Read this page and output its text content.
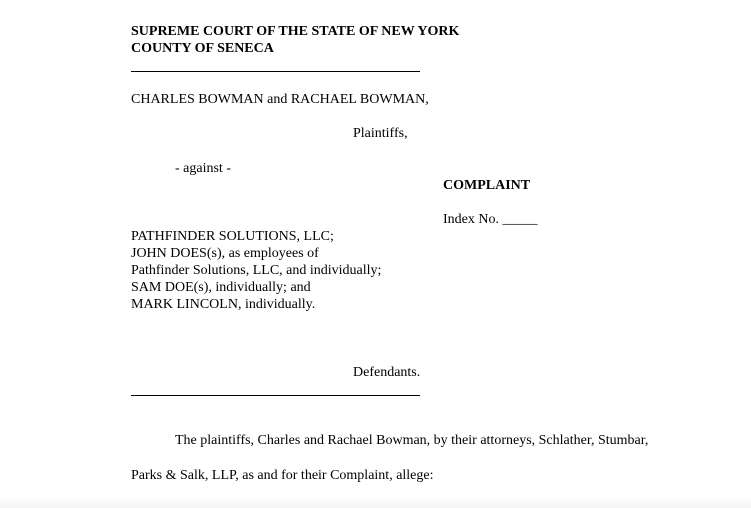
SUPREME COURT OF THE STATE OF NEW YORK
COUNTY OF SENECA
CHARLES BOWMAN and RACHAEL BOWMAN,
Plaintiffs,
- against -
COMPLAINT
Index No. _____
PATHFINDER SOLUTIONS, LLC;
JOHN DOES(s), as employees of
Pathfinder Solutions, LLC, and individually;
SAM DOE(s), individually; and
MARK LINCOLN, individually.
Defendants.
The plaintiffs, Charles and Rachael Bowman, by their attorneys, Schlather, Stumbar,
Parks & Salk, LLP, as and for their Complaint, allege:
